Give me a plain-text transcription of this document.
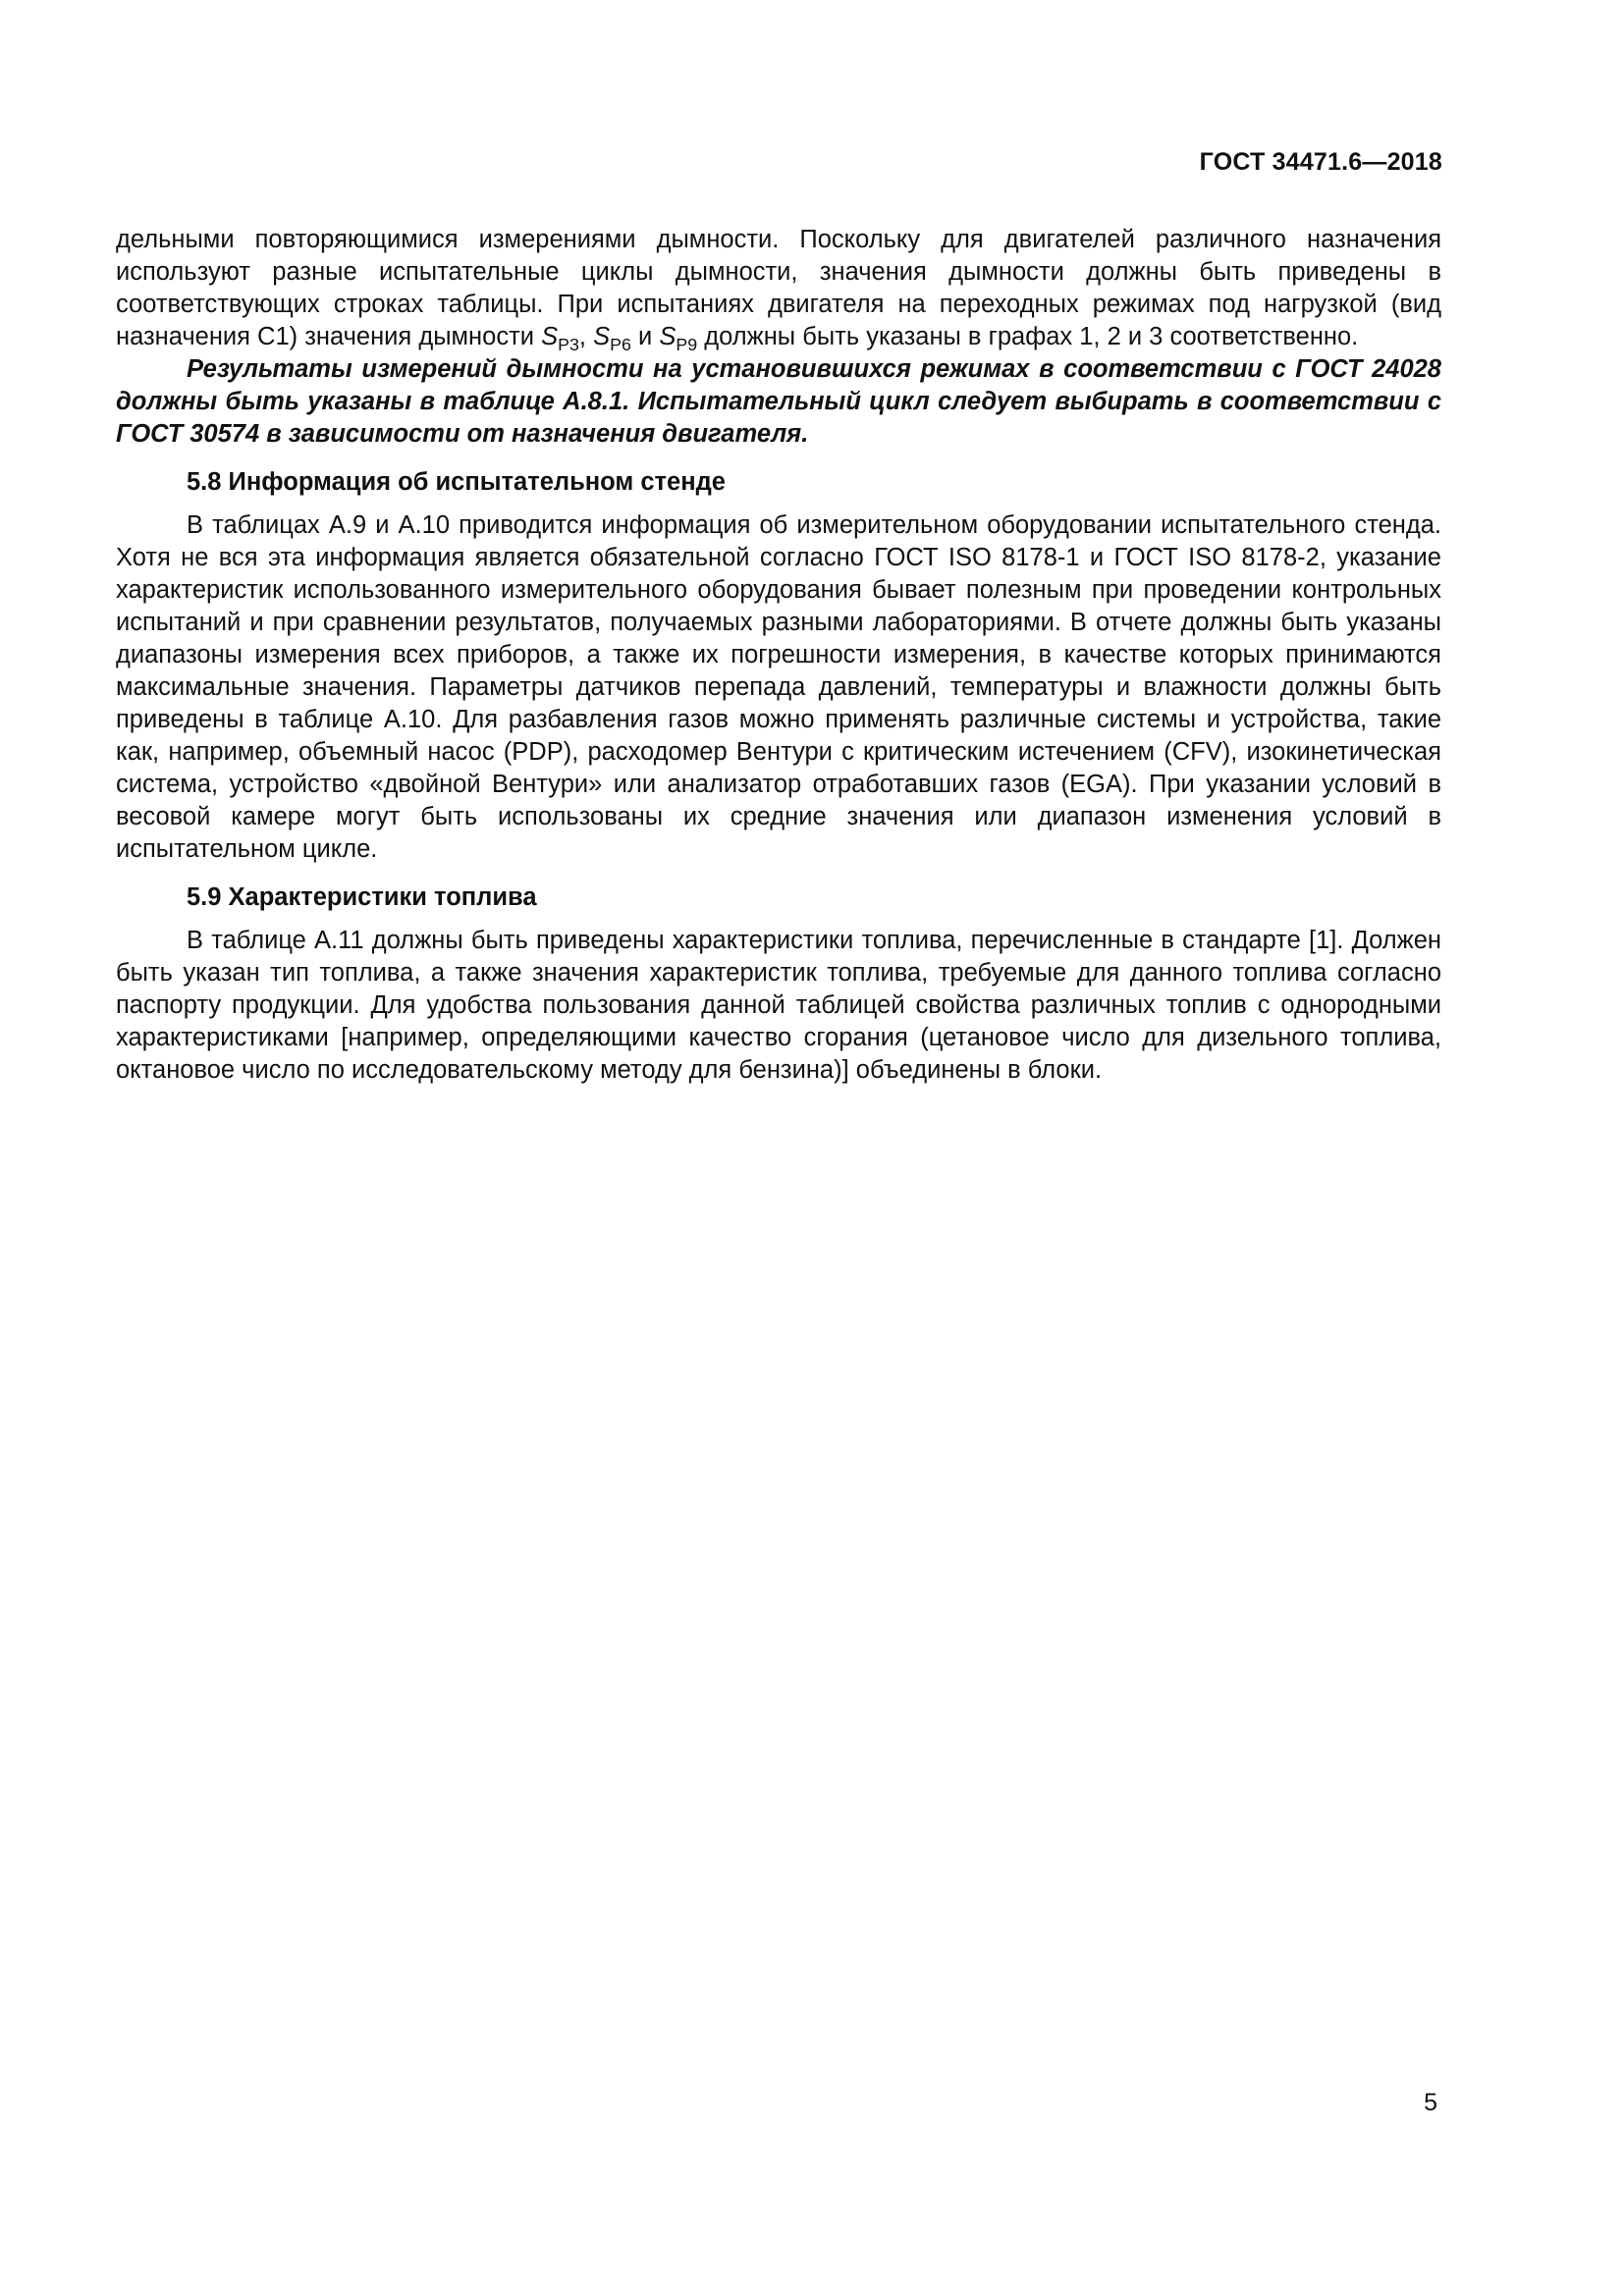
ГОСТ 34471.6—2018

дельными повторяющимися измерениями дымности. Поскольку для двигателей различного назначения используют разные испытательные циклы дымности, значения дымности должны быть приведены в соответствующих строках таблицы. При испытаниях двигателя на переходных режимах под нагрузкой (вид назначения С1) значения дымности $S_{P3}$, $S_{P6}$ и $S_{P9}$ должны быть указаны в графах 1, 2 и 3 соответственно.

Результаты измерений дымности на установившихся режимах в соответствии с ГОСТ 24028 должны быть указаны в таблице А.8.1. Испытательный цикл следует выбирать в соответствии с ГОСТ 30574 в зависимости от назначения двигателя.

5.8 Информация об испытательном стенде

В таблицах А.9 и А.10 приводится информация об измерительном оборудовании испытательного стенда. Хотя не вся эта информация является обязательной согласно ГОСТ ISO 8178-1 и ГОСТ ISO 8178-2, указание характеристик использованного измерительного оборудования бывает полезным при проведении контрольных испытаний и при сравнении результатов, получаемых разными лабораториями. В отчете должны быть указаны диапазоны измерения всех приборов, а также их погрешности измерения, в качестве которых принимаются максимальные значения. Параметры датчиков перепада давлений, температуры и влажности должны быть приведены в таблице А.10. Для разбавления газов можно применять различные системы и устройства, такие как, например, объемный насос (PDP), расходомер Вентури с критическим истечением (CFV), изокинетическая система, устройство «двойной Вентури» или анализатор отработавших газов (EGA). При указании условий в весовой камере могут быть использованы их средние значения или диапазон изменения условий в испытательном цикле.

5.9 Характеристики топлива

В таблице А.11 должны быть приведены характеристики топлива, перечисленные в стандарте [1]. Должен быть указан тип топлива, а также значения характеристик топлива, требуемые для данного топлива согласно паспорту продукции. Для удобства пользования данной таблицей свойства различных топлив с однородными характеристиками [например, определяющими качество сгорания (цетановое число для дизельного топлива, октановое число по исследовательскому методу для бензина)] объединены в блоки.

5
